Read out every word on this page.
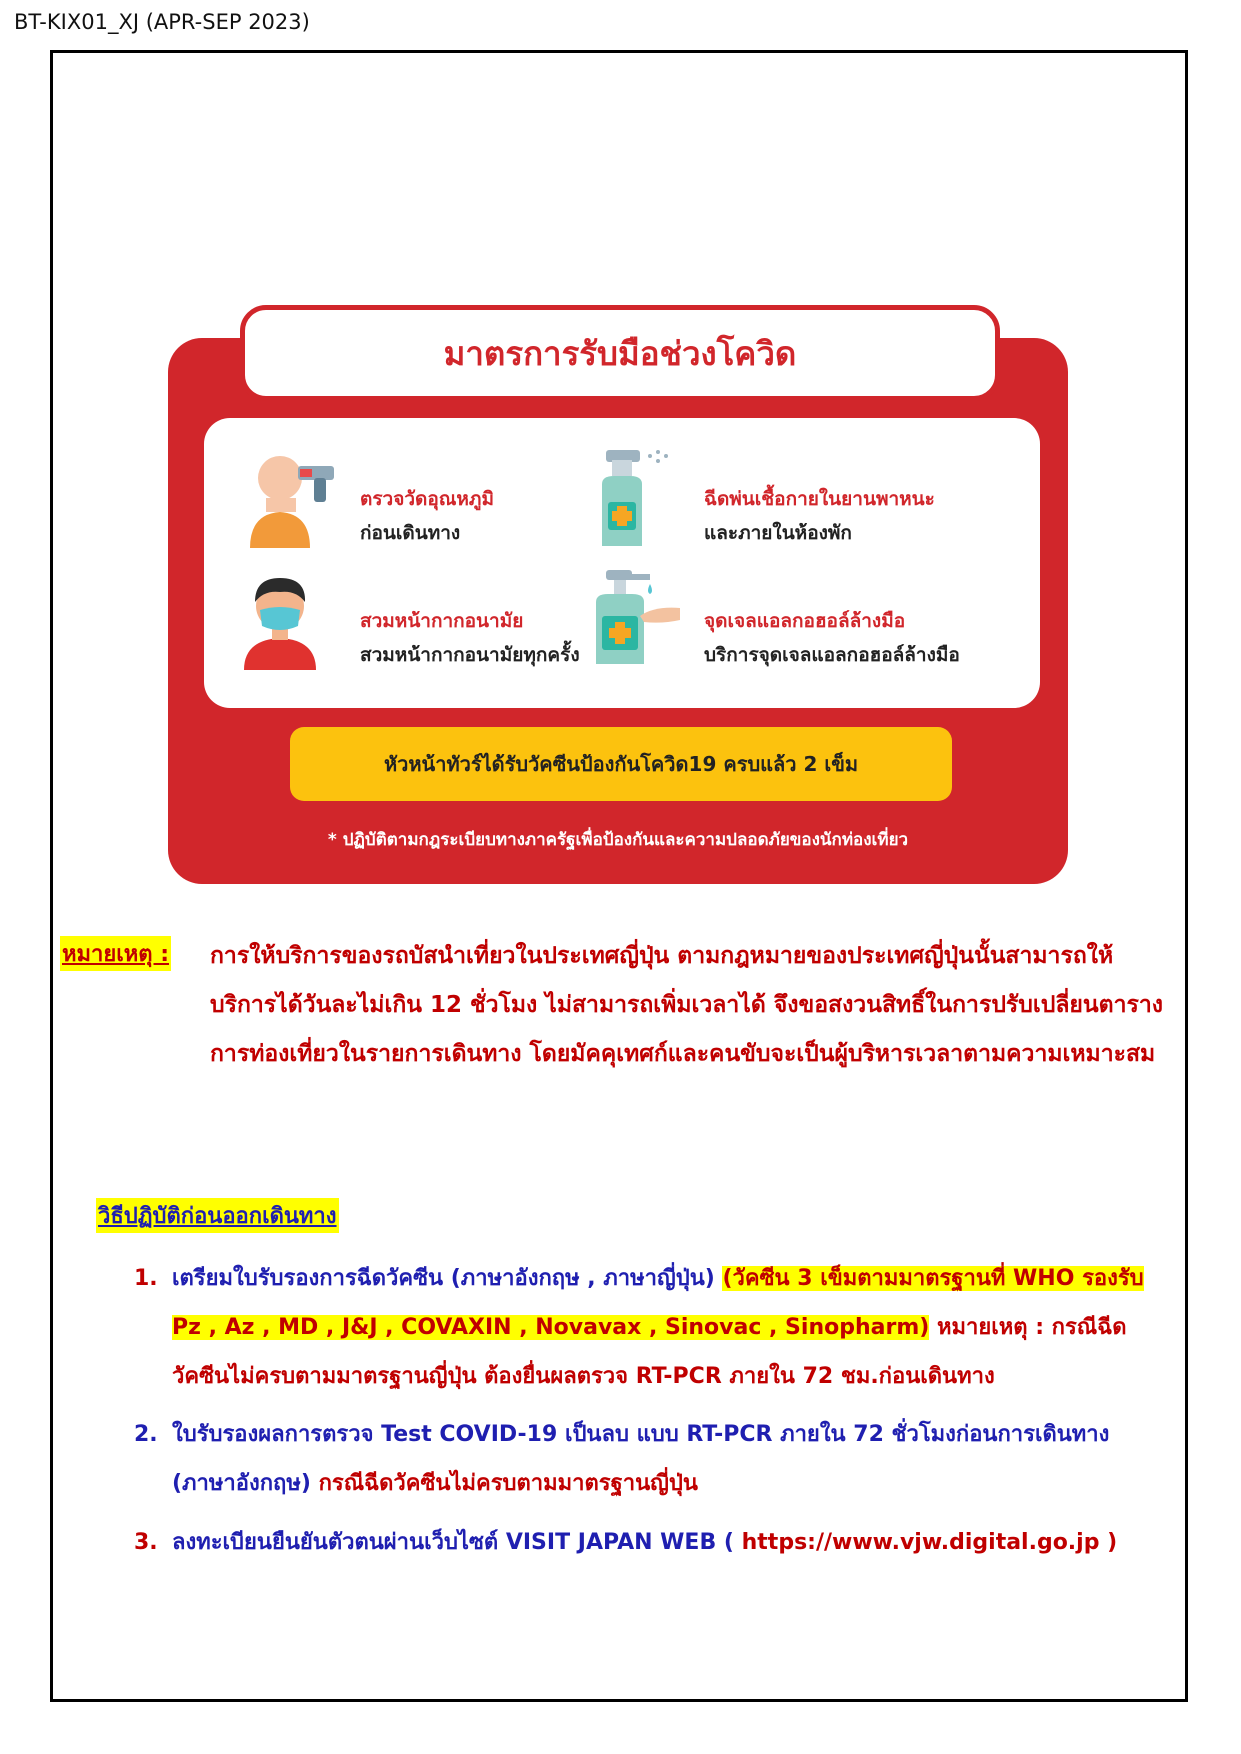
BT-KIX01_XJ (APR-SEP 2023)
มาตรการรับมือช่วงโควิด
ตรวจวัดอุณหภูมิ
ก่อนเดินทาง
ฉีดพ่นเชื้อกายในยานพาหนะ
และภายในห้องพัก
สวมหน้ากากอนามัย
สวมหน้ากากอนามัยทุกครั้ง
จุดเจลแอลกอฮอล์ล้างมือ
บริการจุดเจลแอลกอฮอล์ล้างมือ
หัวหน้าทัวร์ได้รับวัคซีนป้องกันโควิด19 ครบแล้ว 2 เข็ม
* ปฏิบัติตามกฎระเบียบทางภาครัฐเพื่อป้องกันและความปลอดภัยของนักท่องเที่ยว
หมายเหตุ : การให้บริการของรถบัสนำเที่ยวในประเทศญี่ปุ่น ตามกฎหมายของประเทศญี่ปุ่นนั้นสามารถให้บริการได้วันละไม่เกิน 12 ชั่วโมง ไม่สามารถเพิ่มเวลาได้ จึงขอสงวนสิทธิ์ในการปรับเปลี่ยนตารางการท่องเที่ยวในรายการเดินทาง โดยมัคคุเทศก์และคนขับจะเป็นผู้บริหารเวลาตามความเหมาะสม
วิธีปฏิบัติก่อนออกเดินทาง
1. เตรียมใบรับรองการฉีดวัคซีน (ภาษาอังกฤษ , ภาษาญี่ปุ่น) (วัคซีน 3 เข็มตามมาตรฐานที่ WHO รองรับ Pz , Az , MD , J&J , COVAXIN , Novavax , Sinovac , Sinopharm) หมายเหตุ : กรณีฉีดวัคซีนไม่ครบตามมาตรฐานญี่ปุ่น ต้องยื่นผลตรวจ RT-PCR ภายใน 72 ชม.ก่อนเดินทาง
2. ใบรับรองผลการตรวจ Test COVID-19 เป็นลบ แบบ RT-PCR ภายใน 72 ชั่วโมงก่อนการเดินทาง (ภาษาอังกฤษ) กรณีฉีดวัคซีนไม่ครบตามมาตรฐานญี่ปุ่น
3. ลงทะเบียนยืนยันตัวตนผ่านเว็บไซต์ VISIT JAPAN WEB ( https://www.vjw.digital.go.jp )
